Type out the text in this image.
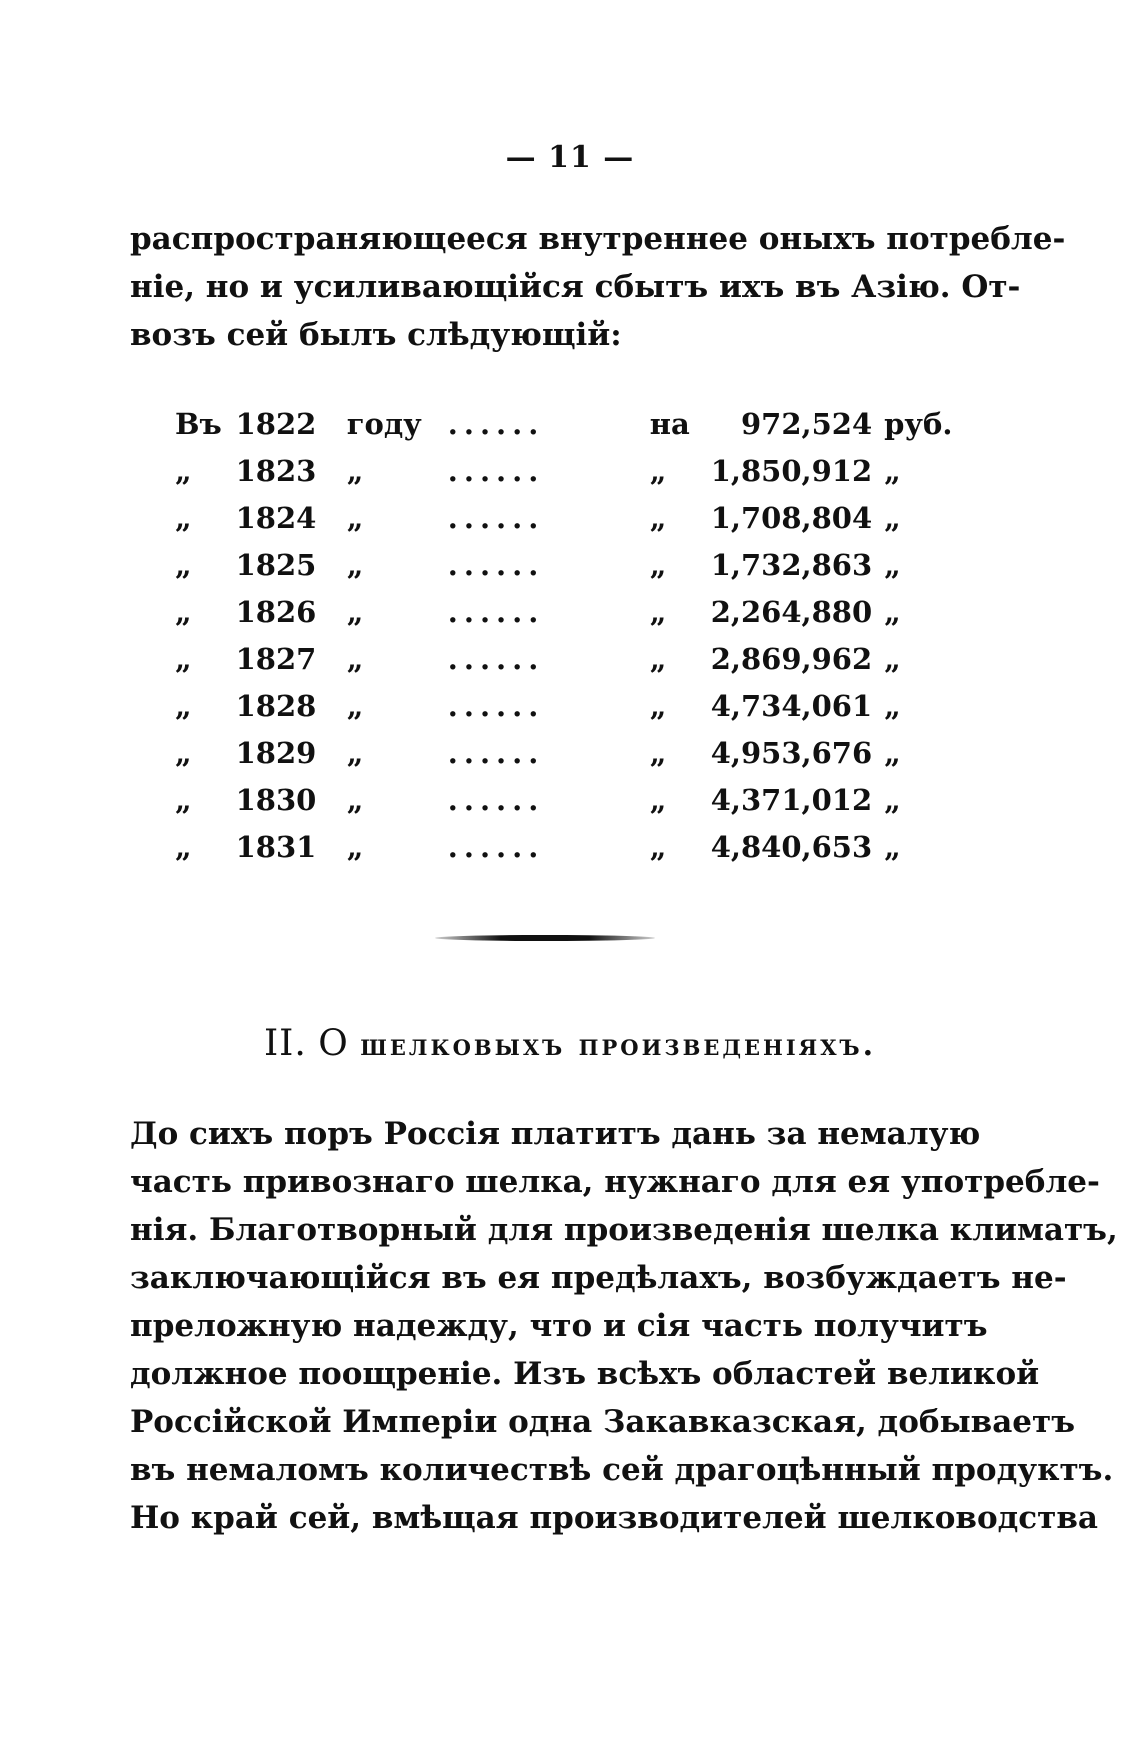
— 11 —

распространяющееся внутреннее оныхъ потребле-
ніе, но и усиливающійся сбытъ ихъ въ Азію. От-
возъ сей былъ слѣдующій:

Въ	1822	году	......	на	972,524	руб.
„	1823	„	......	„	1,850,912	„
„	1824	„	......	„	1,708,804	„
„	1825	„	......	„	1,732,863	„
„	1826	„	......	„	2,264,880	„
„	1827	„	......	„	2,869,962	„
„	1828	„	......	„	4,734,061	„
„	1829	„	......	„	4,953,676	„
„	1830	„	......	„	4,371,012	„
„	1831	„	......	„	4,840,653	„
II. О шелковыхъ произведеніяхъ.

До сихъ поръ Россія платитъ дань за немалую
часть привознаго шелка, нужнаго для ея употребле-
нія. Благотворный для произведенія шелка климатъ,
заключающійся въ ея предѣлахъ, возбуждаетъ не-
преложную надежду, что и сія часть получитъ
должное поощреніе. Изъ всѣхъ областей великой
Россійской Имперіи одна Закавказская, добываетъ
въ немаломъ количествѣ сей драгоцѣнный продуктъ.
Но край сей, вмѣщая производителей шелководства
